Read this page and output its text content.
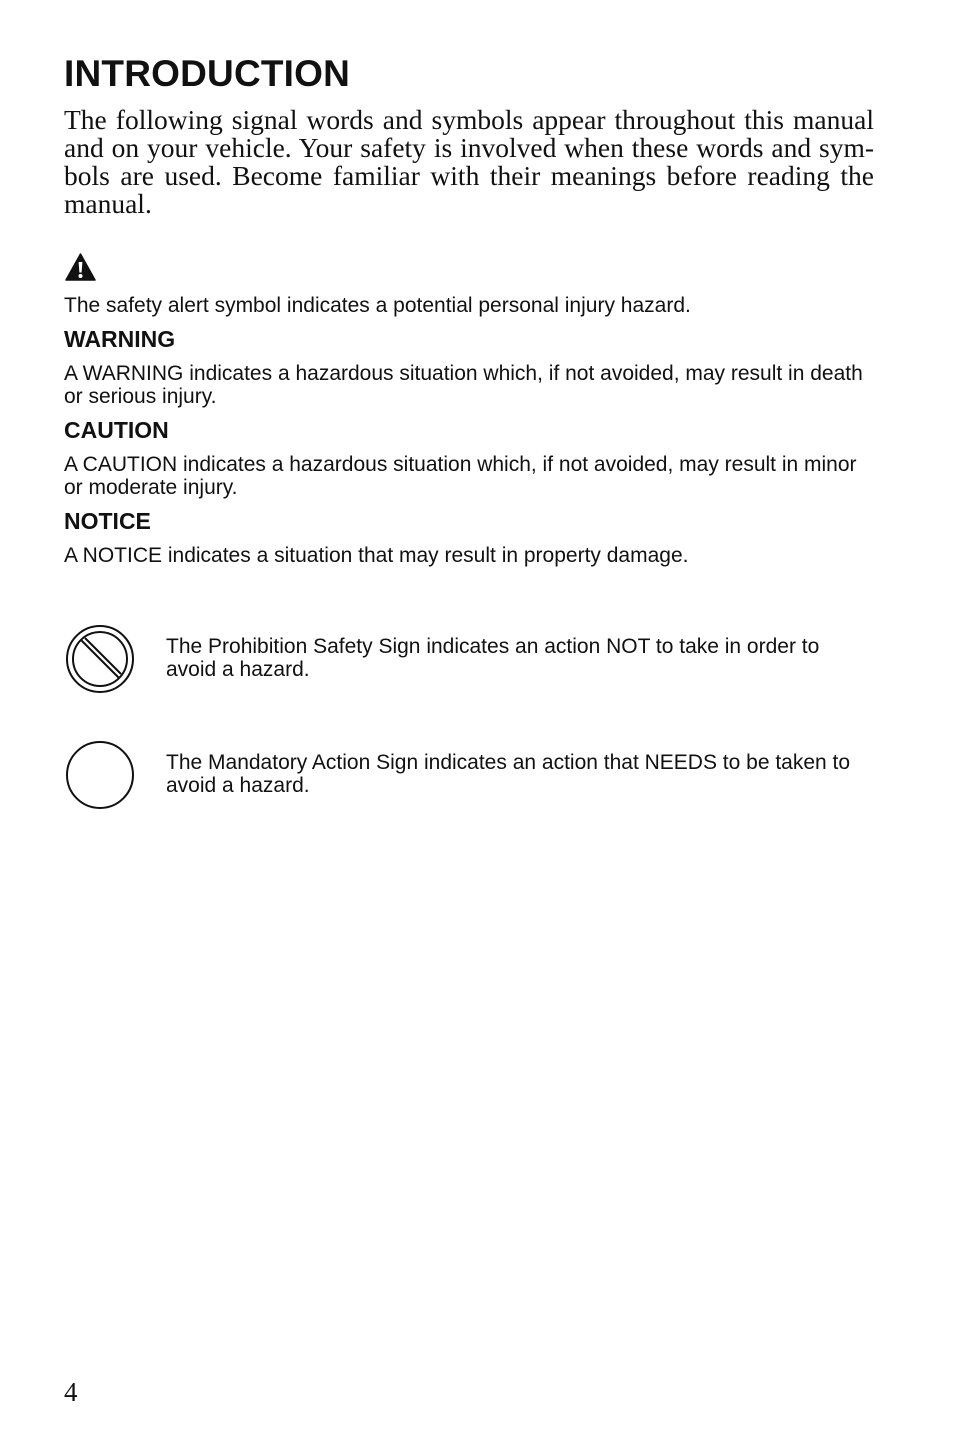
INTRODUCTION

The following signal words and symbols appear throughout this manual and on your vehicle. Your safety is involved when these words and sym-bols are used. Become familiar with their meanings before reading the manual.

The safety alert symbol indicates a potential personal injury hazard.

WARNING

A WARNING indicates a hazardous situation which, if not avoided, may result in death or serious injury.

CAUTION

A CAUTION indicates a hazardous situation which, if not avoided, may result in minor or moderate injury.

NOTICE

A NOTICE indicates a situation that may result in property damage.

The Prohibition Safety Sign indicates an action NOT to take in order to avoid a hazard.

The Mandatory Action Sign indicates an action that NEEDS to be taken to avoid a hazard.

4
